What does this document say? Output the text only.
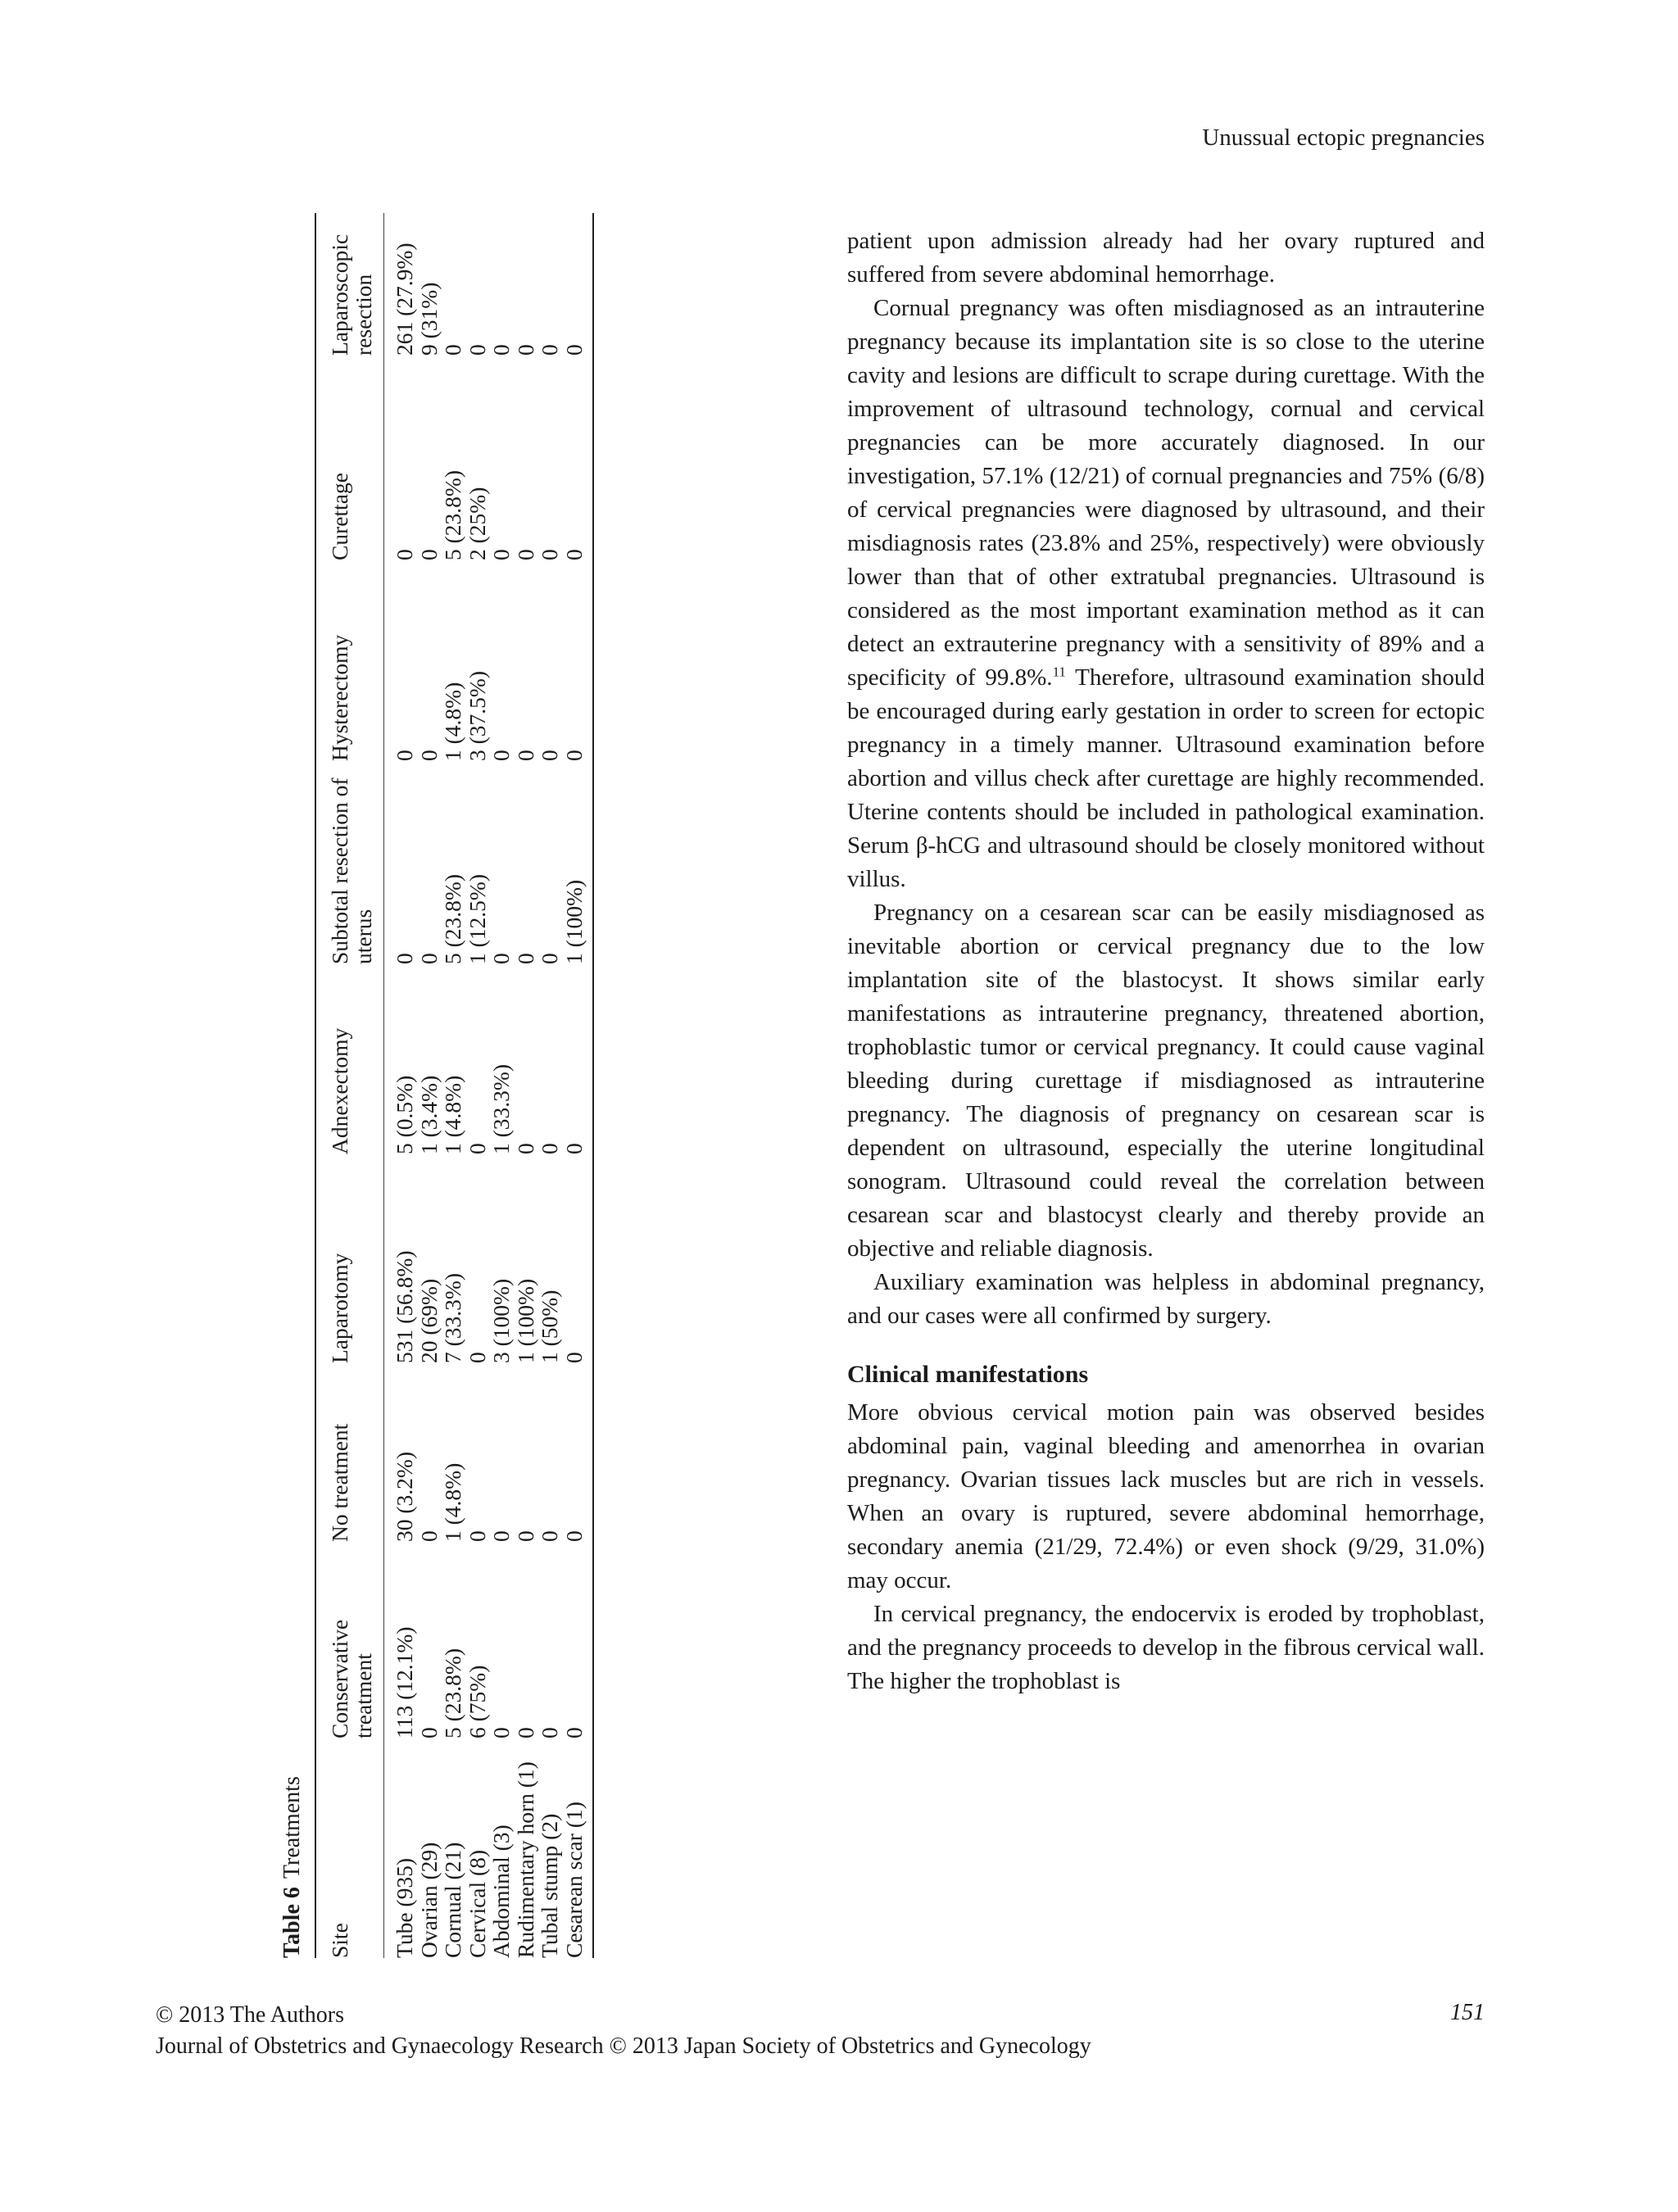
Unussual ectopic pregnancies
Table 6Treatments
Site	Conservative treatment	No treatment	Laparotomy	Adnexectomy	Subtotal resection of uterus	Hysterectomy	Curettage	Laparoscopic resection
Tube (935)	113 (12.1%)	30 (3.2%)	531 (56.8%)	5 (0.5%)	0	0	0	261 (27.9%)
Ovarian (29)	0	0	20 (69%)	1 (3.4%)	0	0	0	9 (31%)
Cornual (21)	5 (23.8%)	1 (4.8%)	7 (33.3%)	1 (4.8%)	5 (23.8%)	1 (4.8%)	5 (23.8%)	0
Cervical (8)	6 (75%)	0	0	0	1 (12.5%)	3 (37.5%)	2 (25%)	0
Abdominal (3)	0	0	3 (100%)	1 (33.3%)	0	0	0	0
Rudimentary horn (1)	0	0	1 (100%)	0	0	0	0	0
Tubal stump (2)	0	0	1 (50%)	0	0	0	0	0
Cesarean scar (1)	0	0	0	0	1 (100%)	0	0	0

patient upon admission already had her ovary ruptured and suffered from severe abdominal hemorrhage.

Cornual pregnancy was often misdiagnosed as an intrauterine pregnancy because its implantation site is so close to the uterine cavity and lesions are difficult to scrape during curettage. With the improvement of ultrasound technology, cornual and cervical pregnancies can be more accurately diagnosed. In our investigation, 57.1% (12/21) of cornual pregnancies and 75% (6/8) of cervical pregnancies were diagnosed by ultrasound, and their misdiagnosis rates (23.8% and 25%, respectively) were obviously lower than that of other extratubal pregnancies. Ultrasound is considered as the most important examination method as it can detect an extrauterine pregnancy with a sensitivity of 89% and a specificity of 99.8%.$^{11}$ Therefore, ultrasound examination should be encouraged during early gestation in order to screen for ectopic pregnancy in a timely manner. Ultrasound examination before abortion and villus check after curettage are highly recommended. Uterine contents should be included in pathological examination. Serum β-hCG and ultrasound should be closely monitored without villus.

Pregnancy on a cesarean scar can be easily misdiagnosed as inevitable abortion or cervical pregnancy due to the low implantation site of the blastocyst. It shows similar early manifestations as intrauterine pregnancy, threatened abortion, trophoblastic tumor or cervical pregnancy. It could cause vaginal bleeding during curettage if misdiagnosed as intrauterine pregnancy. The diagnosis of pregnancy on cesarean scar is dependent on ultrasound, especially the uterine longitudinal sonogram. Ultrasound could reveal the correlation between cesarean scar and blastocyst clearly and thereby provide an objective and reliable diagnosis.

Auxiliary examination was helpless in abdominal pregnancy, and our cases were all confirmed by surgery.

Clinical manifestations

More obvious cervical motion pain was observed besides abdominal pain, vaginal bleeding and amenorrhea in ovarian pregnancy. Ovarian tissues lack muscles but are rich in vessels. When an ovary is ruptured, severe abdominal hemorrhage, secondary anemia (21/29, 72.4%) or even shock (9/29, 31.0%) may occur.

In cervical pregnancy, the endocervix is eroded by trophoblast, and the pregnancy proceeds to develop in the fibrous cervical wall. The higher the trophoblast is

© 2013 The Authors
Journal of Obstetrics and Gynaecology Research © 2013 Japan Society of Obstetrics and Gynecology
151
